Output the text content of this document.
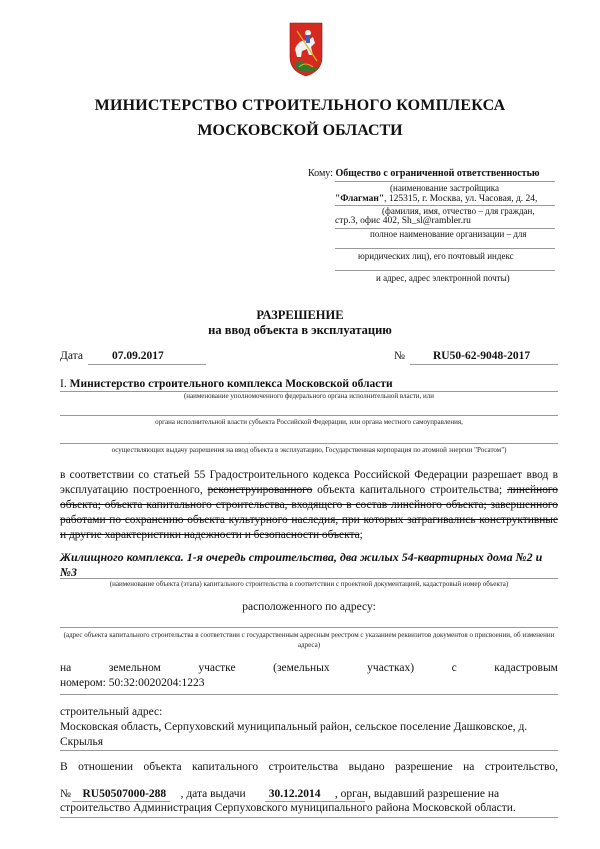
МИНИСТЕРСТВО СТРОИТЕЛЬНОГО КОМПЛЕКСА
МОСКОВСКОЙ ОБЛАСТИ
Кому: Общество с ограниченной ответственностью
(наименование застройщика
"Флагман", 125315, г. Москва, ул. Часовая, д. 24,
(фамилия, имя, отчество – для граждан,
стр.3, офис 402, Sh_sl@rambler.ru
полное наименование организации – для
юридических лиц), его почтовый индекс
и адрес, адрес электронной почты)
РАЗРЕШЕНИЕ
на ввод объекта в эксплуатацию
Дата	07.09.2017	№ RU50-62-9048-2017
I. Министерство строительного комплекса Московской области
(наименование уполномоченного федерального органа исполнительной власти, или
органа исполнительной власти субъекта Российской Федерации, или органа местного самоуправления,
осуществляющих выдачу разрешения на ввод объекта в эксплуатацию, Государственная корпорация по атомной энергии "Росатом")
в соответствии со статьей 55 Градостроительного кодекса Российской Федерации разрешает ввод в эксплуатацию построенного, реконструированного объекта капитального строительства; линейного объекта; объекта капитального строительства, входящего в состав линейного объекта; завершенного работами по сохранению объекта культурного наследия, при которых затрагивались конструктивные и другие характеристики надежности и безопасности объекта;
Жилищного комплекса. 1-я очередь строительства, два жилых 54-квартирных дома №2 и №3
(наименование объекта (этапа) капитального строительства в соответствии с проектной документацией, кадастровый номер объекта)
расположенного по адресу:
(адрес объекта капитального строительства в соответствии с государственным адресным реестром с указанием реквизитов документов о присвоении, об изменении адреса)
на	земельном	участке	(земельных	участках)	с	кадастровым
номером: 50:32:0020204:1223
строительный адрес:
Московская область, Серпуховский муниципальный район, сельское поселение Дашковское, д. Скрылья
В отношении объекта капитального строительства выдано разрешение на строительство,
№ RU50507000-288 , дата выдачи 30.12.2014 , орган, выдавший разрешение на
строительство Администрация Серпуховского муниципального района Московской области.
